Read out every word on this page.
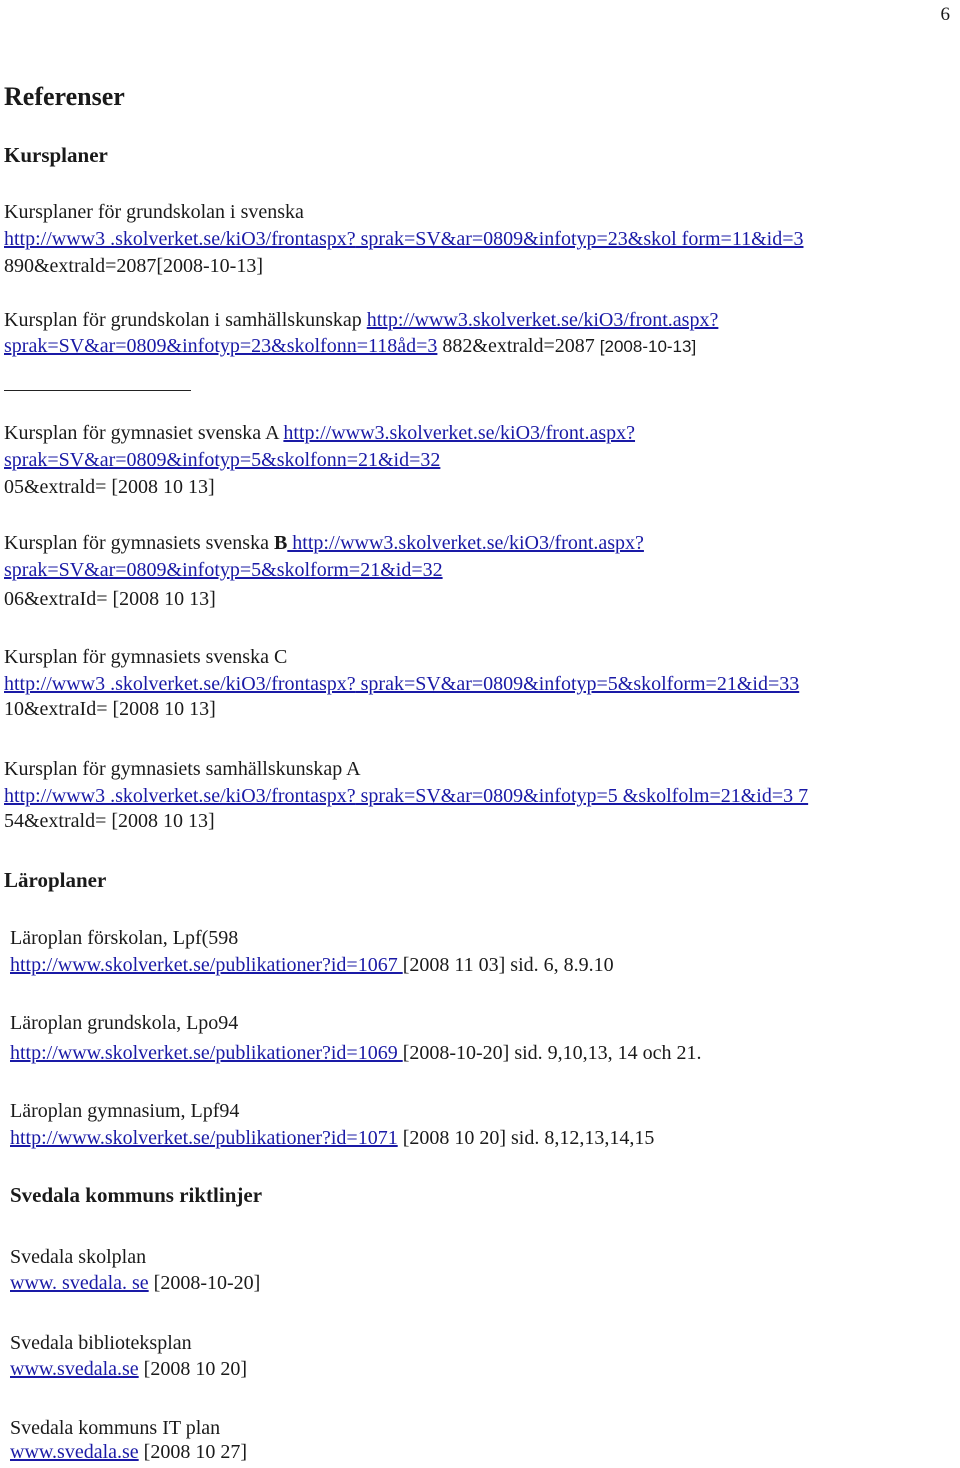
6
Referenser
Kursplaner
Kursplaner för grundskolan i svenska
http://www3 .skolverket.se/kiO3/frontaspx? sprak=SV&ar=0809&infotyp=23&skol form=11&id=3
890&extrald=2087[2008-10-13]
Kursplan för grundskolan i samhällskunskap http://www3.skolverket.se/kiO3/front.aspx?
sprak=SV&ar=0809&infotyp=23&skolfonn=118åd=3 882&extrald=2087 [2008-10-13]
Kursplan för gymnasiet svenska A http://www3.skolverket.se/kiO3/front.aspx?
sprak=SV&ar=0809&infotyp=5&skolfonn=21&id=32
05&extrald= [2008 10 13]
Kursplan för gymnasiets svenska B http://www3.skolverket.se/kiO3/front.aspx?
sprak=SV&ar=0809&infotyp=5&skolform=21&id=32
06&extraId= [2008 10 13]
Kursplan för gymnasiets svenska C
http://www3 .skolverket.se/kiO3/frontaspx? sprak=SV&ar=0809&infotyp=5&skolform=21&id=33
10&extraId= [2008 10 13]
Kursplan för gymnasiets samhällskunskap A
http://www3 .skolverket.se/kiO3/frontaspx? sprak=SV&ar=0809&infotyp=5 &skolfolm=21&id=3 7
54&extrald= [2008 10 13]
Läroplaner
Läroplan förskolan, Lpf(598
http://www.skolverket.se/publikationer?id=1067 [2008 11 03] sid. 6, 8.9.10
Läroplan grundskola, Lpo94
http://www.skolverket.se/publikationer?id=1069 [2008-10-20] sid. 9,10,13, 14 och 21.
Läroplan gymnasium, Lpf94
http://www.skolverket.se/publikationer?id=1071 [2008 10 20] sid. 8,12,13,14,15
Svedala kommuns riktlinjer
Svedala skolplan
www. svedala. se [2008-10-20]
Svedala biblioteksplan
www.svedala.se [2008 10 20]
Svedala kommuns IT plan
www.svedala.se [2008 10 27]
